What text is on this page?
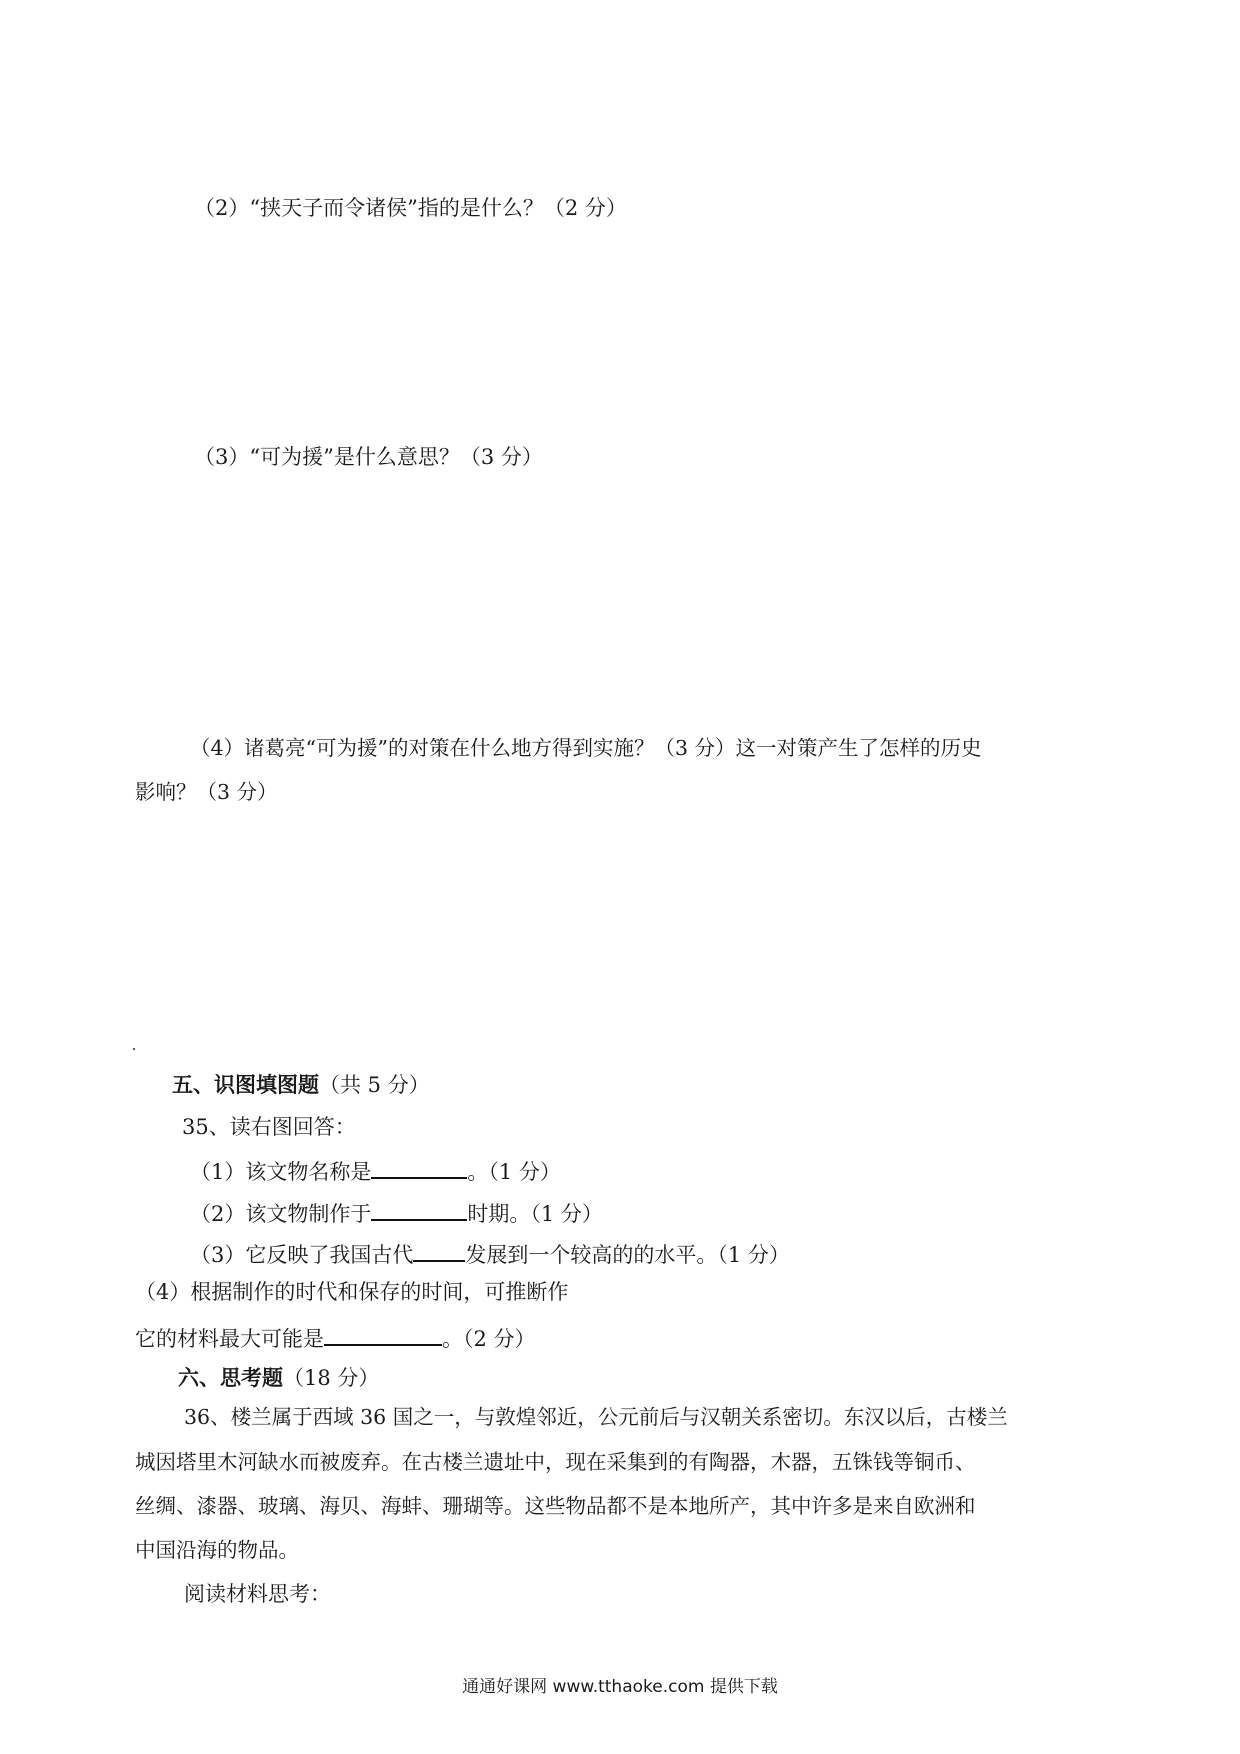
（2）“挟天子而令诸侯”指的是什么？（2 分）
（3）“可为援”是什么意思？（3 分）
（4）诸葛亮“可为援”的对策在什么地方得到实施？（3 分）这一对策产生了怎样的历史
影响？（3 分）
五、识图填图题（共 5 分）
35、读右图回答：
（1）该文物名称是	。（1 分）
（2）该文物制作于	时期。（1 分）
（3）它反映了我国古代 发展到一个较高的的水平。（1 分）
（4）根据制作的时代和保存的时间，可推断作
它的材料最大可能是	。（2 分）
六、思考题（18 分）
36、楼兰属于西域 36 国之一，与敦煌邻近，公元前后与汉朝关系密切。东汉以后，古楼兰
城因塔里木河缺水而被废弃。在古楼兰遗址中，现在采集到的有陶器，木器，五铢钱等铜币、
丝绸、漆器、玻璃、海贝、海蚌、珊瑚等。这些物品都不是本地所产，其中许多是来自欧洲和
中国沿海的物品。
阅读材料思考：
通通好课网 www.tthaoke.com 提供下载
